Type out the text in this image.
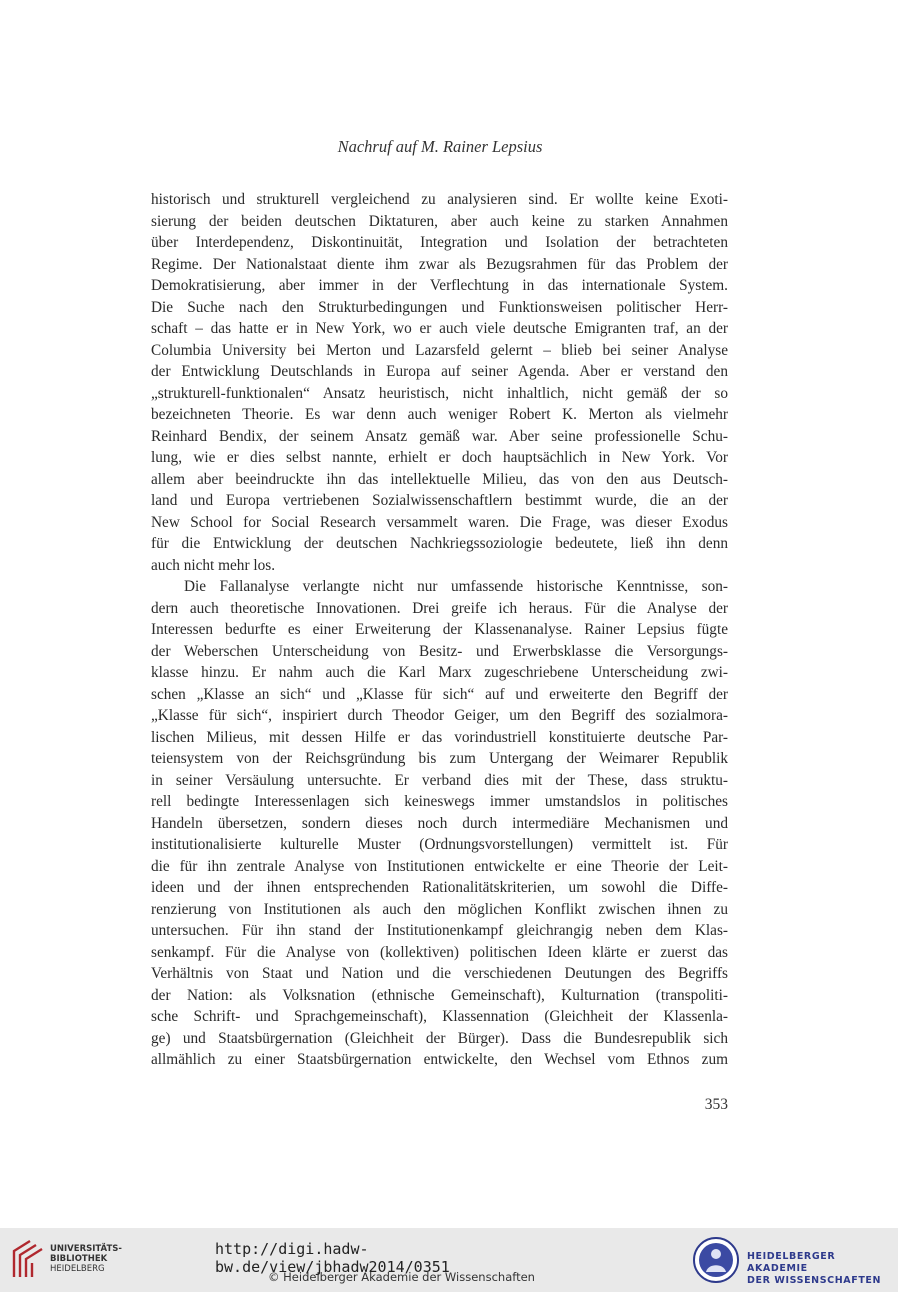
Nachruf auf M. Rainer Lepsius
historisch und strukturell vergleichend zu analysieren sind. Er wollte keine Exoti-
sierung der beiden deutschen Diktaturen, aber auch keine zu starken Annahmen
über Interdependenz, Diskontinuität, Integration und Isolation der betrachteten
Regime. Der Nationalstaat diente ihm zwar als Bezugsrahmen für das Problem der
Demokratisierung, aber immer in der Verflechtung in das internationale System.
Die Suche nach den Strukturbedingungen und Funktionsweisen politischer Herr-
schaft – das hatte er in New York, wo er auch viele deutsche Emigranten traf, an der
Columbia University bei Merton und Lazarsfeld gelernt – blieb bei seiner Analyse
der Entwicklung Deutschlands in Europa auf seiner Agenda. Aber er verstand den
„strukturell-funktionalen“ Ansatz heuristisch, nicht inhaltlich, nicht gemäß der so
bezeichneten Theorie. Es war denn auch weniger Robert K. Merton als vielmehr
Reinhard Bendix, der seinem Ansatz gemäß war. Aber seine professionelle Schu-
lung, wie er dies selbst nannte, erhielt er doch hauptsächlich in New York. Vor
allem aber beeindruckte ihn das intellektuelle Milieu, das von den aus Deutsch-
land und Europa vertriebenen Sozialwissenschaftlern bestimmt wurde, die an der
New School for Social Research versammelt waren. Die Frage, was dieser Exodus
für die Entwicklung der deutschen Nachkriegssoziologie bedeutete, ließ ihn denn
auch nicht mehr los.
Die Fallanalyse verlangte nicht nur umfassende historische Kenntnisse, son-
dern auch theoretische Innovationen. Drei greife ich heraus. Für die Analyse der
Interessen bedurfte es einer Erweiterung der Klassenanalyse. Rainer Lepsius fügte
der Weberschen Unterscheidung von Besitz- und Erwerbsklasse die Versorgungs-
klasse hinzu. Er nahm auch die Karl Marx zugeschriebene Unterscheidung zwi-
schen „Klasse an sich“ und „Klasse für sich“ auf und erweiterte den Begriff der
„Klasse für sich“, inspiriert durch Theodor Geiger, um den Begriff des sozialmora-
lischen Milieus, mit dessen Hilfe er das vorindustriell konstituierte deutsche Par-
teiensystem von der Reichsgründung bis zum Untergang der Weimarer Republik
in seiner Versäulung untersuchte. Er verband dies mit der These, dass struktu-
rell bedingte Interessenlagen sich keineswegs immer umstandslos in politisches
Handeln übersetzen, sondern dieses noch durch intermediäre Mechanismen und
institutionalisierte kulturelle Muster (Ordnungsvorstellungen) vermittelt ist. Für
die für ihn zentrale Analyse von Institutionen entwickelte er eine Theorie der Leit-
ideen und der ihnen entsprechenden Rationalitätskriterien, um sowohl die Diffe-
renzierung von Institutionen als auch den möglichen Konflikt zwischen ihnen zu
untersuchen. Für ihn stand der Institutionenkampf gleichrangig neben dem Klas-
senkampf. Für die Analyse von (kollektiven) politischen Ideen klärte er zuerst das
Verhältnis von Staat und Nation und die verschiedenen Deutungen des Begriffs
der Nation: als Volksnation (ethnische Gemeinschaft), Kulturnation (transpoliti-
sche Schrift- und Sprachgemeinschaft), Klassennation (Gleichheit der Klassenla-
ge) und Staatsbürgernation (Gleichheit der Bürger). Dass die Bundesrepublik sich
allmählich zu einer Staatsbürgernation entwickelte, den Wechsel vom Ethnos zum
353
UNIVERSITÄTS-
BIBLIOTHEK
HEIDELBERG
http://digi.hadw-bw.de/view/jbhadw2014/0351
© Heidelberger Akademie der Wissenschaften
HEIDELBERGER AKADEMIE
DER WISSENSCHAFTEN
